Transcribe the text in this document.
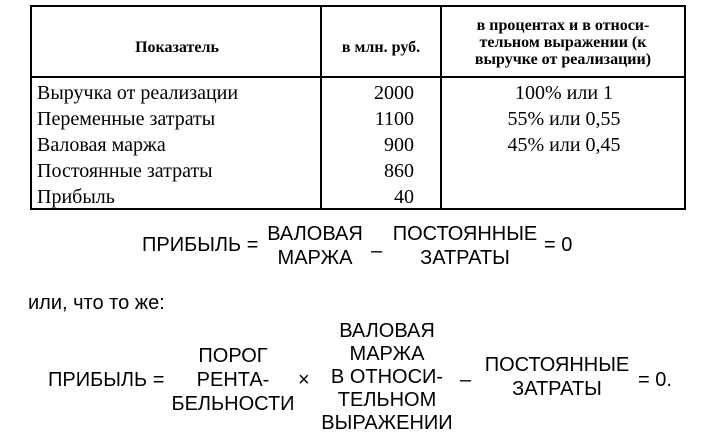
Показатель	в млн. руб.
в процентах и в относи-
тельном выражении (к
выручке от реализации)
Выручка от реализации	2000	100% или 1
Переменные затраты	1100	55% или 0,55
Валовая маржа	900	45% или 0,45
Постоянные затраты	860
Прибыль	40
ПРИБЫЛЬ = ВАЛОВАЯ
МАРЖА –
ПОСТОЯННЫЕ
ЗАТРАТЫ
= 0
или, что то же:
ПРИБЫЛЬ =
ПОРОГ
РЕНТА-
БЕЛЬНОСТИ
×
ВАЛОВАЯ
МАРЖА
В ОТНОСИ-
ТЕЛЬНОМ
ВЫРАЖЕНИИ
–
ПОСТОЯННЫЕ
ЗАТРАТЫ	= 0.
